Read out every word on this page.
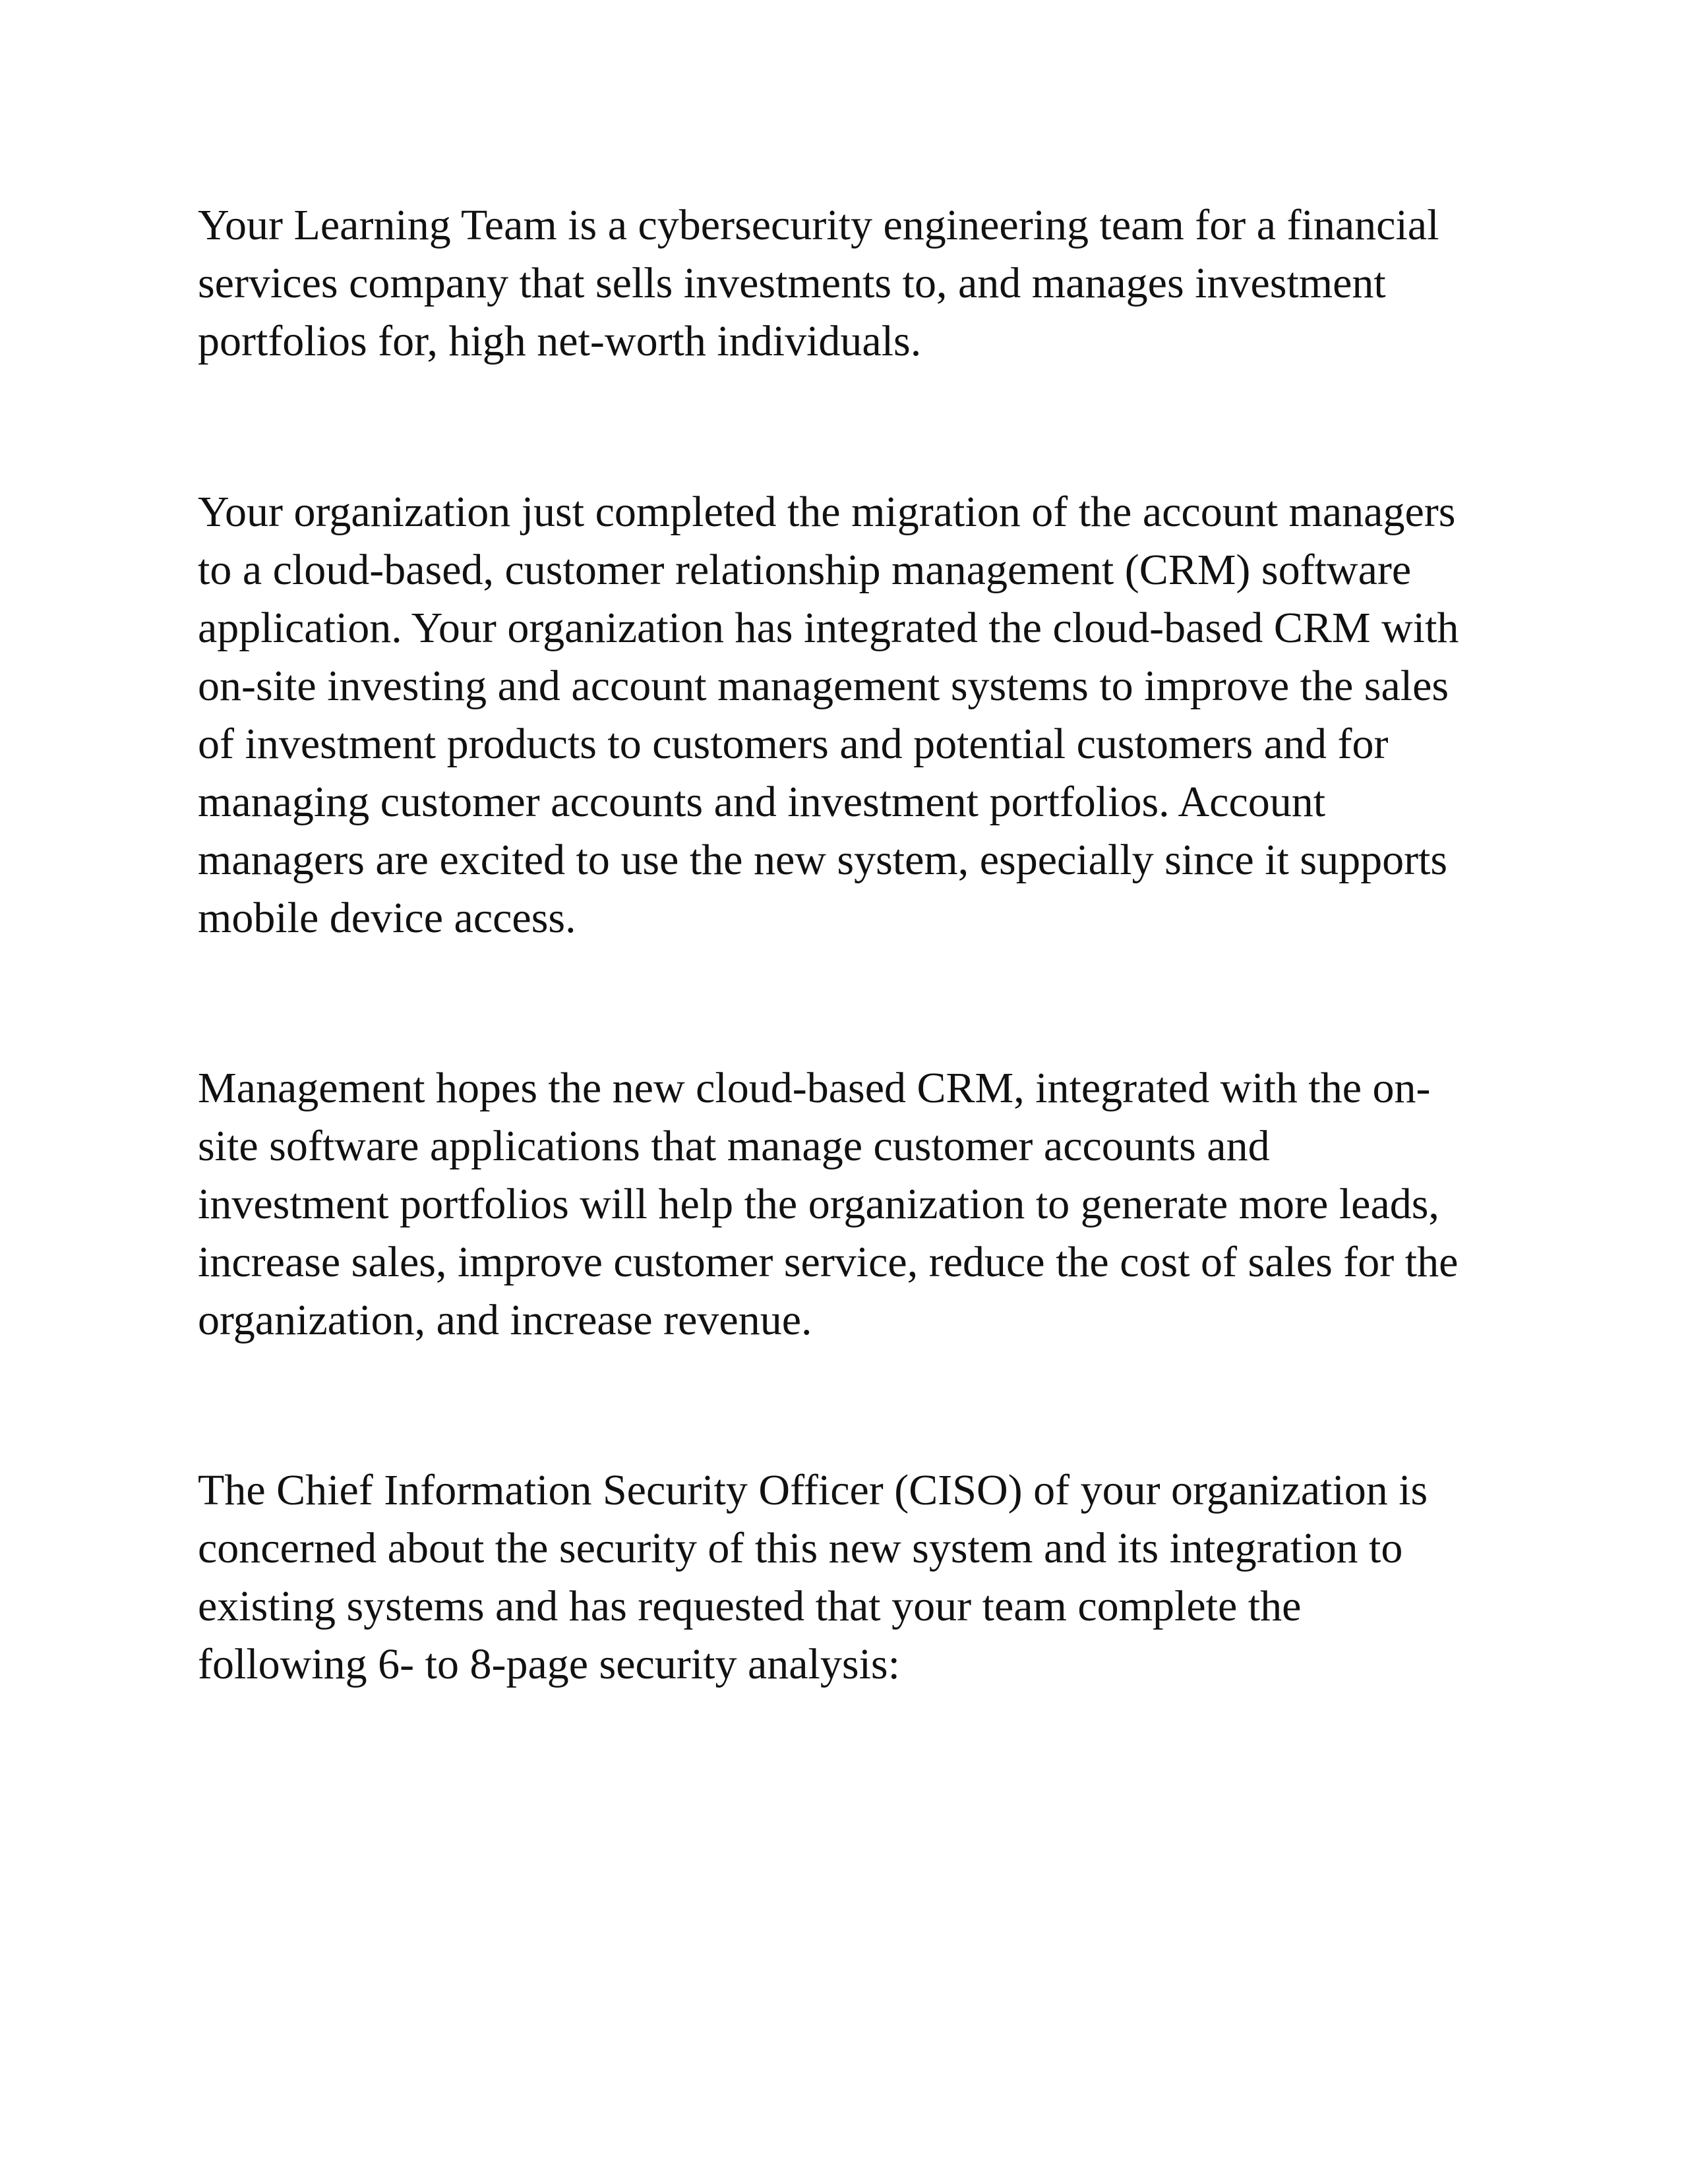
Your Learning Team is a cybersecurity engineering team for a financial
services company that sells investments to, and manages investment
portfolios for, high net-worth individuals.

Your organization just completed the migration of the account managers
to a cloud-based, customer relationship management (CRM) software
application. Your organization has integrated the cloud-based CRM with
on-site investing and account management systems to improve the sales
of investment products to customers and potential customers and for
managing customer accounts and investment portfolios. Account
managers are excited to use the new system, especially since it supports
mobile device access.

Management hopes the new cloud-based CRM, integrated with the on-
site software applications that manage customer accounts and
investment portfolios will help the organization to generate more leads,
increase sales, improve customer service, reduce the cost of sales for the
organization, and increase revenue.

The Chief Information Security Officer (CISO) of your organization is
concerned about the security of this new system and its integration to
existing systems and has requested that your team complete the
following 6- to 8-page security analysis:
